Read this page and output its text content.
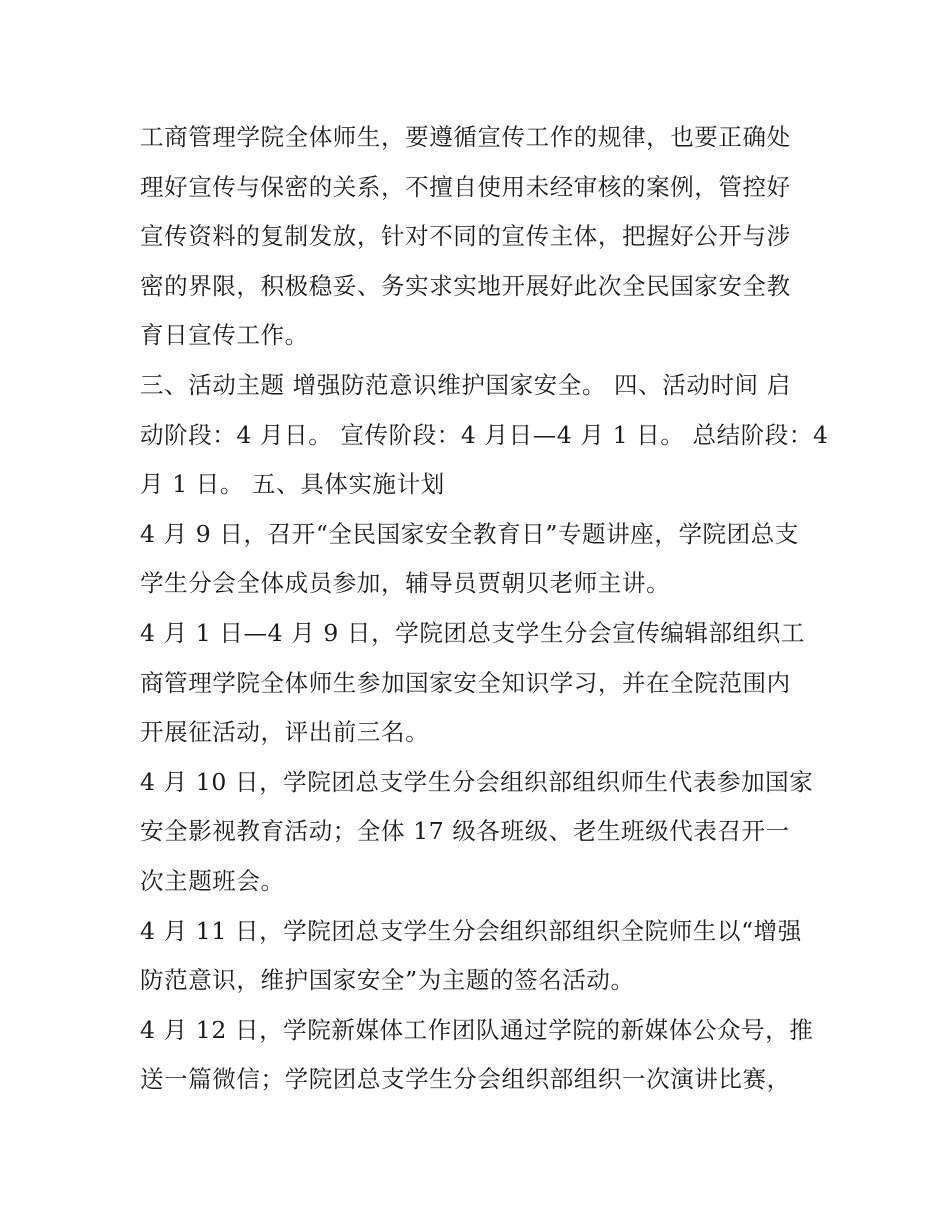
工商管理学院全体师生，要遵循宣传工作的规律，也要正确处
理好宣传与保密的关系，不擅自使用未经审核的案例，管控好
宣传资料的复制发放，针对不同的宣传主体，把握好公开与涉
密的界限，积极稳妥、务实求实地开展好此次全民国家安全教
育日宣传工作。
三、活动主题 增强防范意识维护国家安全。 四、活动时间 启
动阶段：4 月日。 宣传阶段：4 月日—4 月 1 日。 总结阶段：4
月 1 日。 五、具体实施计划
4 月 9 日，召开“全民国家安全教育日”专题讲座，学院团总支
学生分会全体成员参加，辅导员贾朝贝老师主讲。
4 月 1 日—4 月 9 日，学院团总支学生分会宣传编辑部组织工
商管理学院全体师生参加国家安全知识学习，并在全院范围内
开展征活动，评出前三名。
4 月 10 日，学院团总支学生分会组织部组织师生代表参加国家
安全影视教育活动；全体 17 级各班级、老生班级代表召开一
次主题班会。
4 月 11 日，学院团总支学生分会组织部组织全院师生以“增强
防范意识，维护国家安全”为主题的签名活动。
4 月 12 日，学院新媒体工作团队通过学院的新媒体公众号，推
送一篇微信；学院团总支学生分会组织部组织一次演讲比赛，
